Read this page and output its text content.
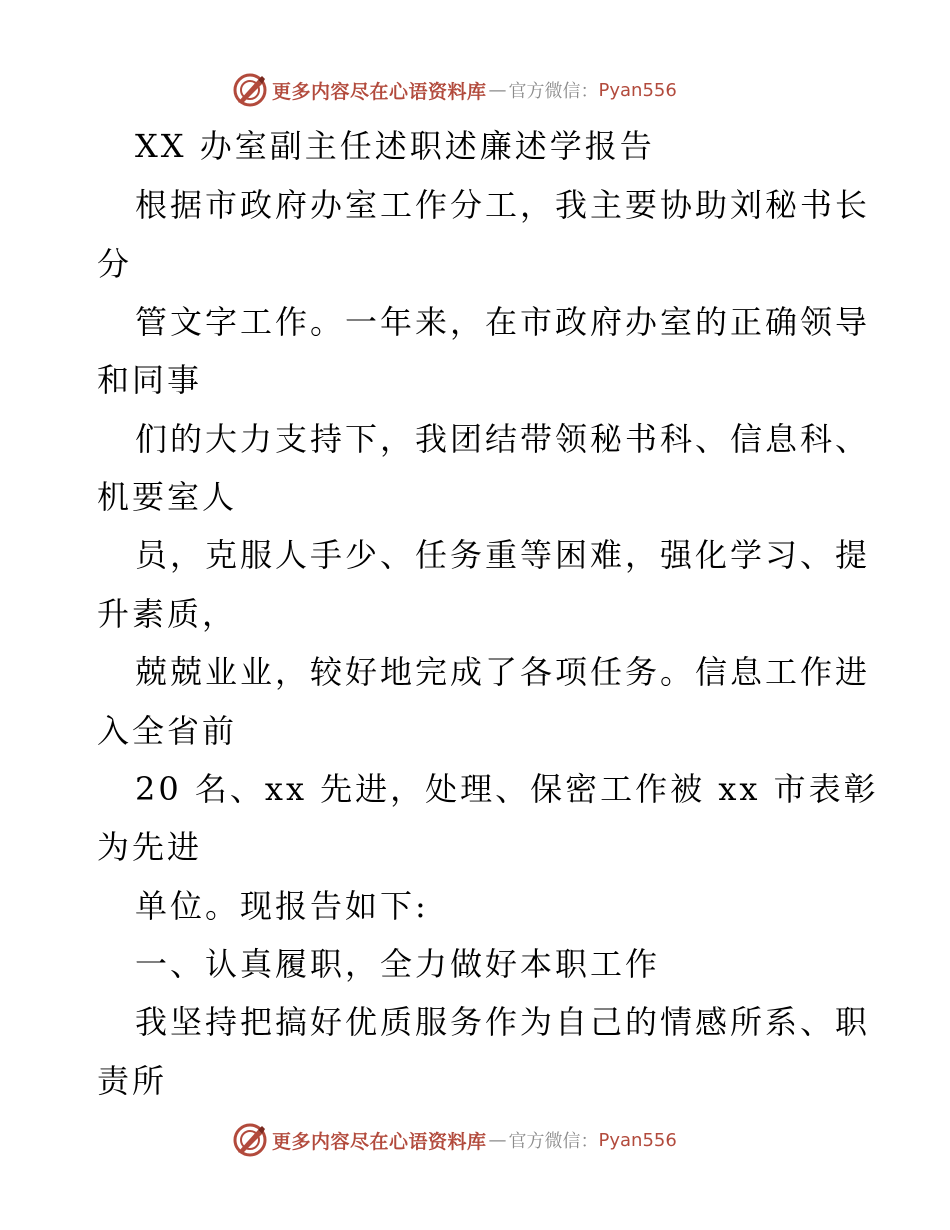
更多内容尽在心语资料库 — 官方微信： Pyan556
XX 办室副主任述职述廉述学报告
根据市政府办室工作分工，我主要协助刘秘书长
分
管文字工作。一年来，在市政府办室的正确领导
和同事
们的大力支持下，我团结带领秘书科、信息科、
机要室人
员，克服人手少、任务重等困难，强化学习、提
升素质，
兢兢业业，较好地完成了各项任务。信息工作进
入全省前
20 名、xx 先进，处理、保密工作被 xx 市表彰
为先进
单位。现报告如下:
一、认真履职，全力做好本职工作
我坚持把搞好优质服务作为自己的情感所系、职
责所
更多内容尽在心语资料库 — 官方微信： Pyan556
